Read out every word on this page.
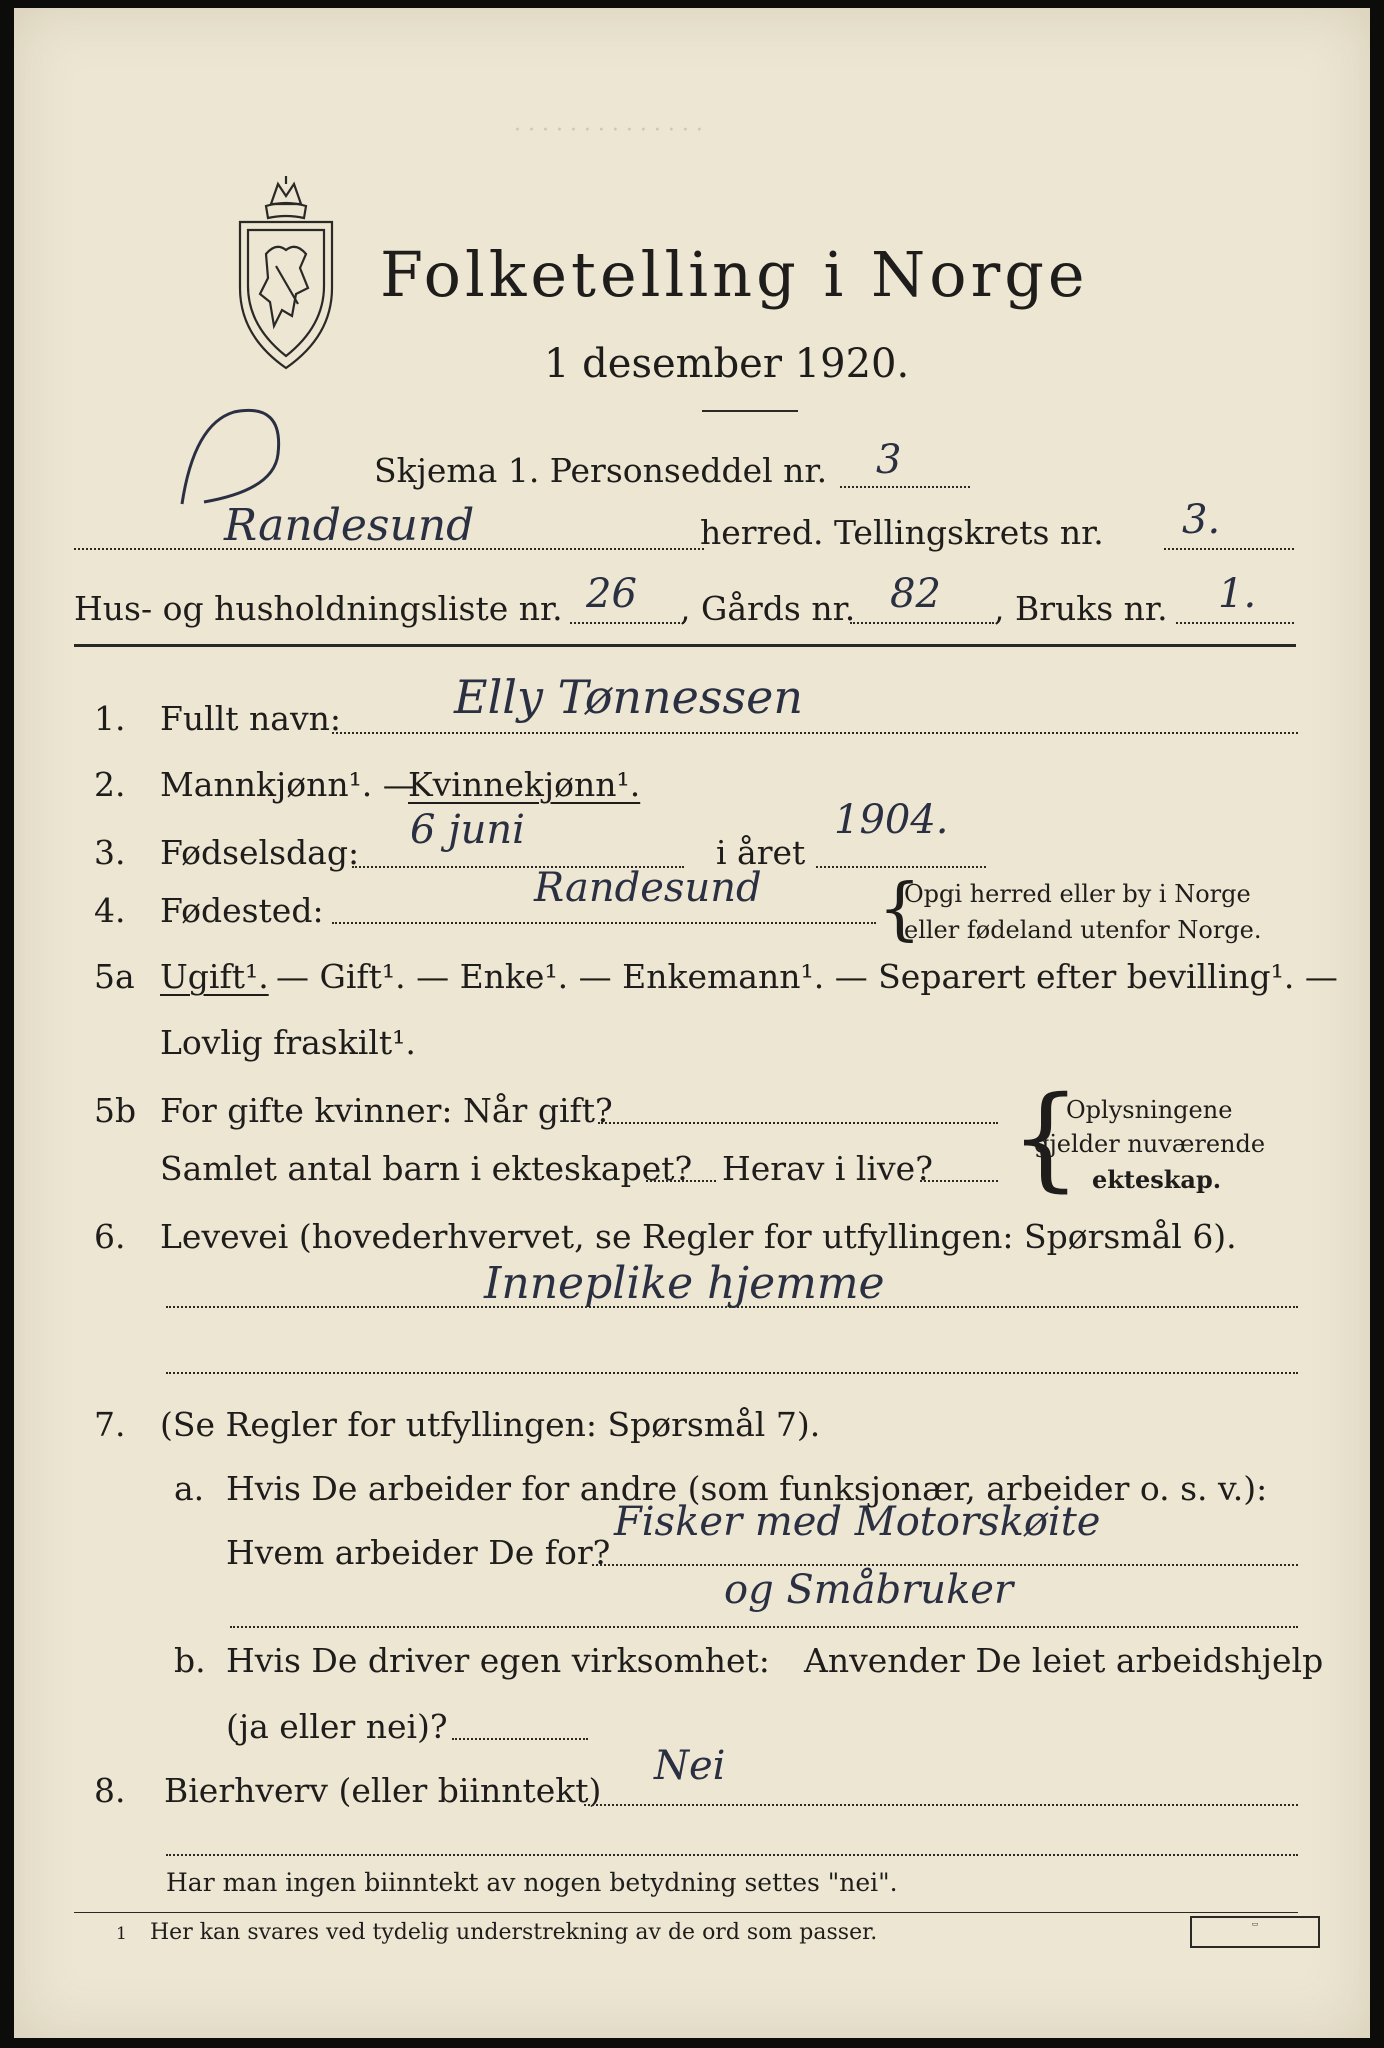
· · · · · · · · · · · · · ·
Folketelling i Norge
1 desember 1920.
Skjema 1. Personseddel nr. 3
Randesund	herred. Tellingskrets nr. 3.
Hus- og husholdningsliste nr. 26 , Gårds nr. 82 , Bruks nr. 1.
1. Fullt navn: Elly Tønnessen
2. Mannkjønn¹. —
Kvinnekjønn¹.
3. Fødselsdag: 6 juni	i året
1904.
4. Fødested:	Randesund {
Opgi herred eller by i Norge
eller fødeland utenfor Norge.
5a Ugift¹. — Gift¹. — Enke¹. — Enkemann¹. — Separert efter bevilling¹. —
Lovlig fraskilt¹.
5b For gifte kvinner: Når gift?
Samlet antal barn i ekteskapet? Herav i live? {
Oplysningene
gjelder nuværende
ekteskap.
6. Levevei (hovederhvervet, se Regler for utfyllingen: Spørsmål 6).
Inneplike hjemme
7. (Se Regler for utfyllingen: Spørsmål 7).
a. Hvis De arbeider for andre (som funksjonær, arbeider o. s. v.):
Hvem arbeider De for?
Fisker med Motorskøite
og Småbruker
b. Hvis De driver egen virksomhet: Anvender De leiet arbeidshjelp
(ja eller nei)?
8. Bierhverv (eller biinntekt)
Nei
Har man ingen biinntekt av nogen betydning settes "nei".
1 Her kan svares ved tydelig understrekning av de ord som passer.	▭
